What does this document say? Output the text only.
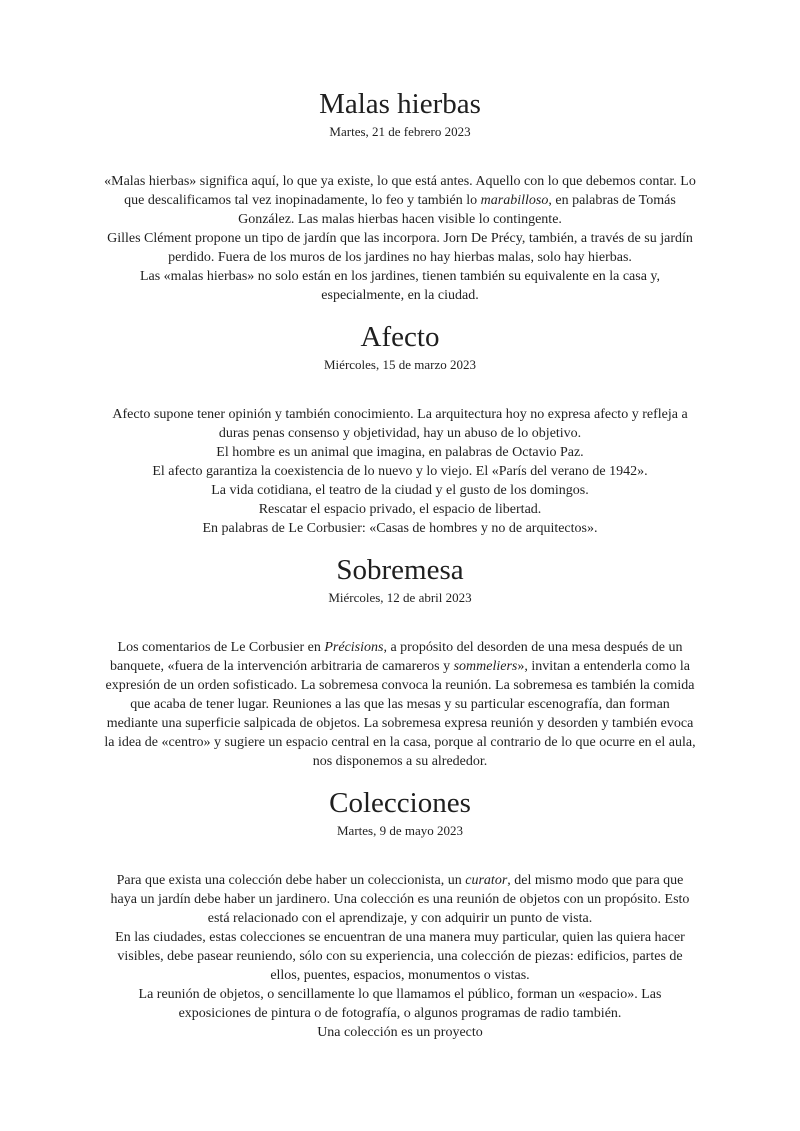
Malas hierbas
Martes, 21 de febrero 2023

«Malas hierbas» significa aquí, lo que ya existe, lo que está antes. Aquello con lo que debemos contar. Lo que descalificamos tal vez inopinadamente, lo feo y también lo marabilloso, en palabras de Tomás González. Las malas hierbas hacen visible lo contingente.

Gilles Clément propone un tipo de jardín que las incorpora. Jorn De Précy, también, a través de su jardín perdido. Fuera de los muros de los jardines no hay hierbas malas, solo hay hierbas.

Las «malas hierbas» no solo están en los jardines, tienen también su equivalente en la casa y, especialmente, en la ciudad.

Afecto
Miércoles, 15 de marzo 2023

Afecto supone tener opinión y también conocimiento. La arquitectura hoy no expresa afecto y refleja a duras penas consenso y objetividad, hay un abuso de lo objetivo.

El hombre es un animal que imagina, en palabras de Octavio Paz.

El afecto garantiza la coexistencia de lo nuevo y lo viejo. El «París del verano de 1942».

La vida cotidiana, el teatro de la ciudad y el gusto de los domingos.

Rescatar el espacio privado, el espacio de libertad.

En palabras de Le Corbusier: «Casas de hombres y no de arquitectos».

Sobremesa
Miércoles, 12 de abril 2023

Los comentarios de Le Corbusier en Précisions, a propósito del desorden de una mesa después de un banquete, «fuera de la intervención arbitraria de camareros y sommeliers», invitan a entenderla como la expresión de un orden sofisticado. La sobremesa convoca la reunión. La sobremesa es también la comida que acaba de tener lugar. Reuniones a las que las mesas y su particular escenografía, dan forman mediante una superficie salpicada de objetos. La sobremesa expresa reunión y desorden y también evoca la idea de «centro» y sugiere un espacio central en la casa, porque al contrario de lo que ocurre en el aula, nos disponemos a su alrededor.

Colecciones
Martes, 9 de mayo 2023

Para que exista una colección debe haber un coleccionista, un curator, del mismo modo que para que haya un jardín debe haber un jardinero. Una colección es una reunión de objetos con un propósito. Esto está relacionado con el aprendizaje, y con adquirir un punto de vista.

En las ciudades, estas colecciones se encuentran de una manera muy particular, quien las quiera hacer visibles, debe pasear reuniendo, sólo con su experiencia, una colección de piezas: edificios, partes de ellos, puentes, espacios, monumentos o vistas.

La reunión de objetos, o sencillamente lo que llamamos el público, forman un «espacio». Las exposiciones de pintura o de fotografía, o algunos programas de radio también.

Una colección es un proyecto
